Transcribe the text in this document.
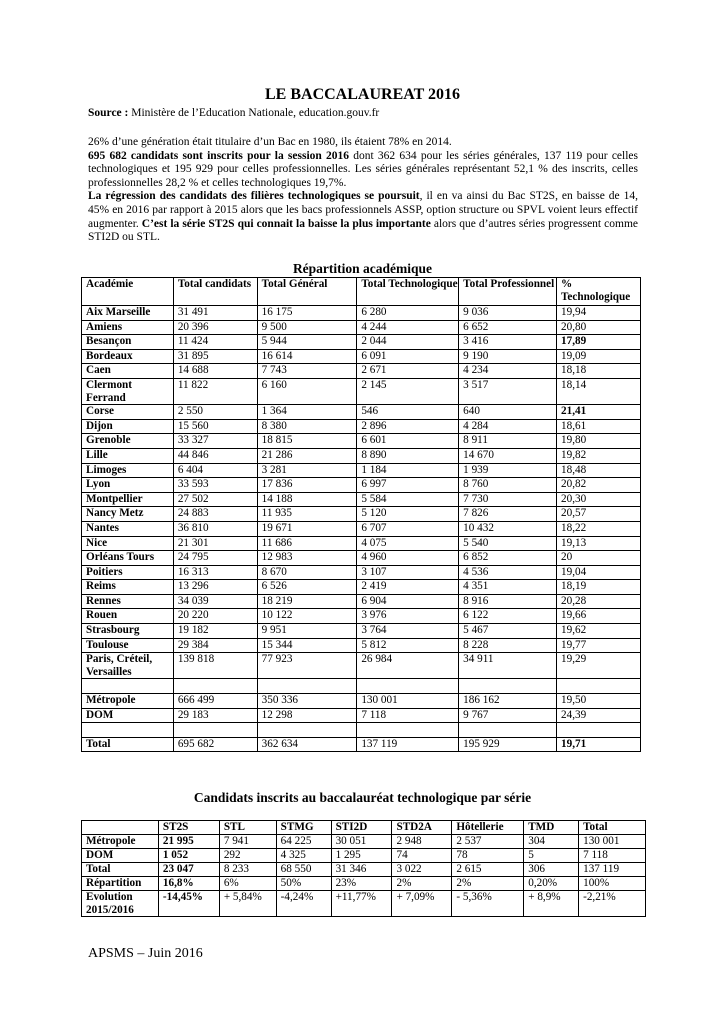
LE BACCALAUREAT 2016
Source : Ministère de l’Education Nationale, education.gouv.fr

26% d’une génération était titulaire d’un Bac en 1980, ils étaient 78% en 2014.

695 682 candidats sont inscrits pour la session 2016 dont 362 634 pour les séries générales, 137 119 pour celles technologiques et 195 929 pour celles professionnelles. Les séries générales représentant 52,1 % des inscrits, celles professionnelles 28,2 % et celles technologiques 19,7%.

La régression des candidats des filières technologiques se poursuit, il en va ainsi du Bac ST2S, en baisse de 14, 45% en 2016 par rapport à 2015 alors que les bacs professionnels ASSP, option structure ou SPVL voient leurs effectif augmenter. C’est la série ST2S qui connait la baisse la plus importante alors que d’autres séries progressent comme STI2D ou STL.

Répartition académique
Académie	Total candidats	Total Général	Total Technologique	Total Professionnel	% Technologique
Aix Marseille	31 491	16 175	6 280	9 036	19,94
Amiens	20 396	9 500	4 244	6 652	20,80
Besançon	11 424	5 944	2 044	3 416	17,89
Bordeaux	31 895	16 614	6 091	9 190	19,09
Caen	14 688	7 743	2 671	4 234	18,18
Clermont Ferrand	11 822	6 160	2 145	3 517	18,14
Corse	2 550	1 364	546	640	21,41
Dijon	15 560	8 380	2 896	4 284	18,61
Grenoble	33 327	18 815	6 601	8 911	19,80
Lille	44 846	21 286	8 890	14 670	19,82
Limoges	6 404	3 281	1 184	1 939	18,48
Lyon	33 593	17 836	6 997	8 760	20,82
Montpellier	27 502	14 188	5 584	7 730	20,30
Nancy Metz	24 883	11 935	5 120	7 826	20,57
Nantes	36 810	19 671	6 707	10 432	18,22
Nice	21 301	11 686	4 075	5 540	19,13
Orléans Tours	24 795	12 983	4 960	6 852	20
Poitiers	16 313	8 670	3 107	4 536	19,04
Reims	13 296	6 526	2 419	4 351	18,19
Rennes	34 039	18 219	6 904	8 916	20,28
Rouen	20 220	10 122	3 976	6 122	19,66
Strasbourg	19 182	9 951	3 764	5 467	19,62
Toulouse	29 384	15 344	5 812	8 228	19,77
Paris, Créteil, Versailles	139 818	77 923	26 984	34 911	19,29

Métropole	666 499	350 336	130 001	186 162	19,50
DOM	29 183	12 298	7 118	9 767	24,39

Total	695 682	362 634	137 119	195 929	19,71
Candidats inscrits au baccalauréat technologique par série
	ST2S	STL	STMG	STI2D	STD2A	Hôtellerie	TMD	Total
Métropole	21 995	7 941	64 225	30 051	2 948	2 537	304	130 001
DOM	1 052	292	4 325	1 295	74	78	5	7 118
Total	23 047	8 233	68 550	31 346	3 022	2 615	306	137 119
Répartition	16,8%	6%	50%	23%	2%	2%	0,20%	100%
Evolution 2015/2016	-14,45%	+ 5,84%	-4,24%	+11,77%	+ 7,09%	- 5,36%	+ 8,9%	-2,21%
APSMS – Juin 2016
